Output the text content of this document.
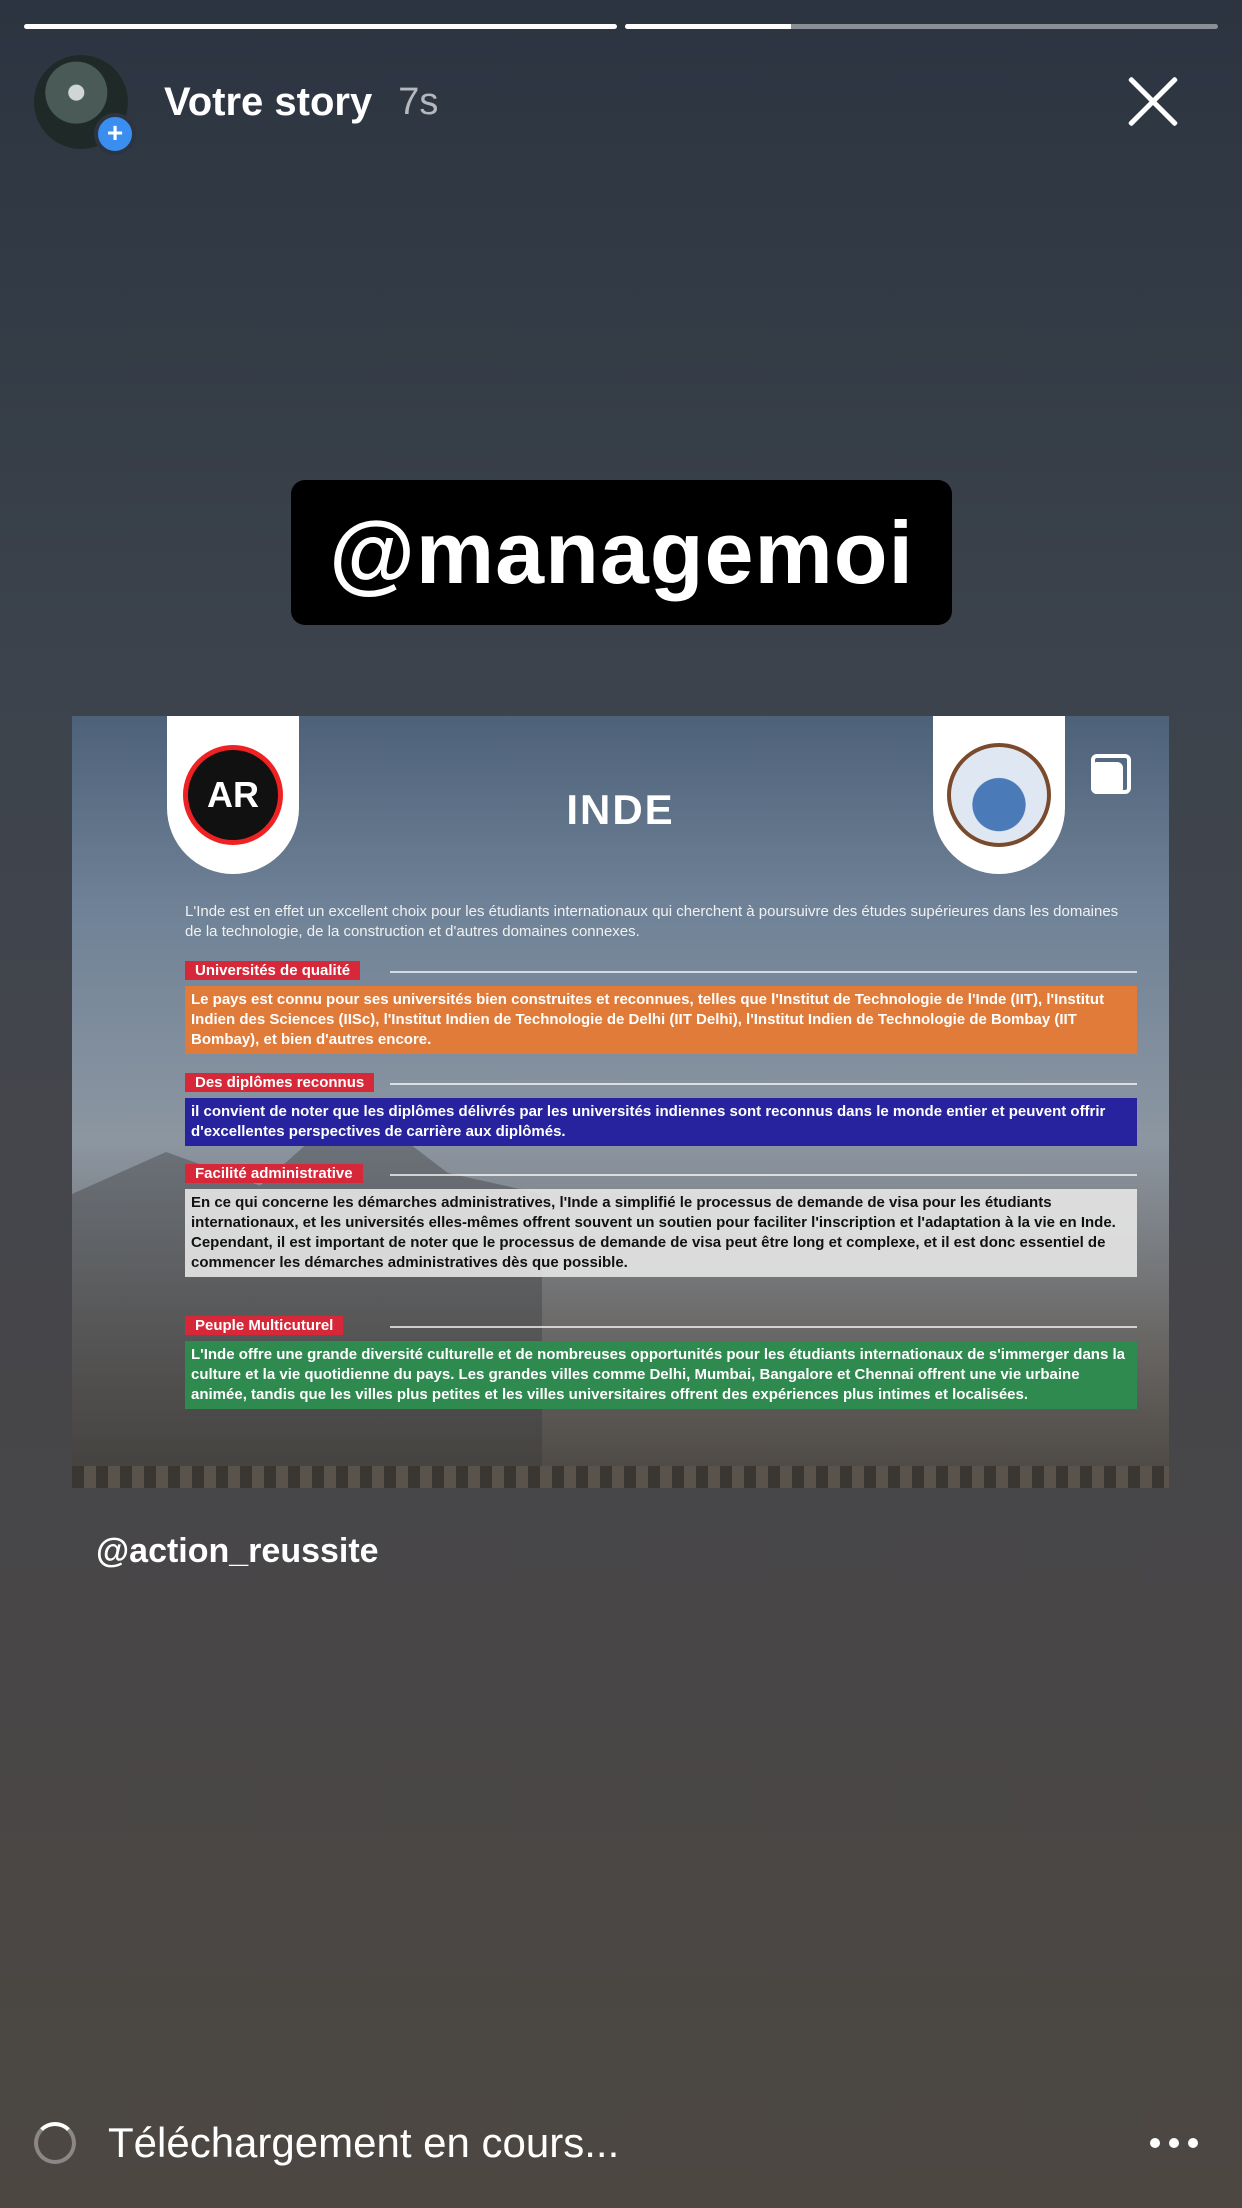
+
Votre story 7s
@managemoi
AR	INDE
L'Inde est en effet un excellent choix pour les étudiants internationaux qui cherchent à poursuivre des études supérieures dans les domaines de la technologie, de la construction et d'autres domaines connexes.
Universités de qualité
Le pays est connu pour ses universités bien construites et reconnues, telles que l'Institut de Technologie de l'Inde (IIT), l'Institut Indien des Sciences (IISc), l'Institut Indien de Technologie de Delhi (IIT Delhi), l'Institut Indien de Technologie de Bombay (IIT Bombay), et bien d'autres encore.
Des diplômes reconnus
il convient de noter que les diplômes délivrés par les universités indiennes sont reconnus dans le monde entier et peuvent offrir d'excellentes perspectives de carrière aux diplômés.
Facilité administrative
En ce qui concerne les démarches administratives, l'Inde a simplifié le processus de demande de visa pour les étudiants internationaux, et les universités elles-mêmes offrent souvent un soutien pour faciliter l'inscription et l'adaptation à la vie en Inde. Cependant, il est important de noter que le processus de demande de visa peut être long et complexe, et il est donc essentiel de commencer les démarches administratives dès que possible.
Peuple Multicuturel
L'Inde offre une grande diversité culturelle et de nombreuses opportunités pour les étudiants internationaux de s'immerger dans la culture et la vie quotidienne du pays. Les grandes villes comme Delhi, Mumbai, Bangalore et Chennai offrent une vie urbaine animée, tandis que les villes plus petites et les villes universitaires offrent des expériences plus intimes et localisées.
@action_reussite
Téléchargement en cours...
